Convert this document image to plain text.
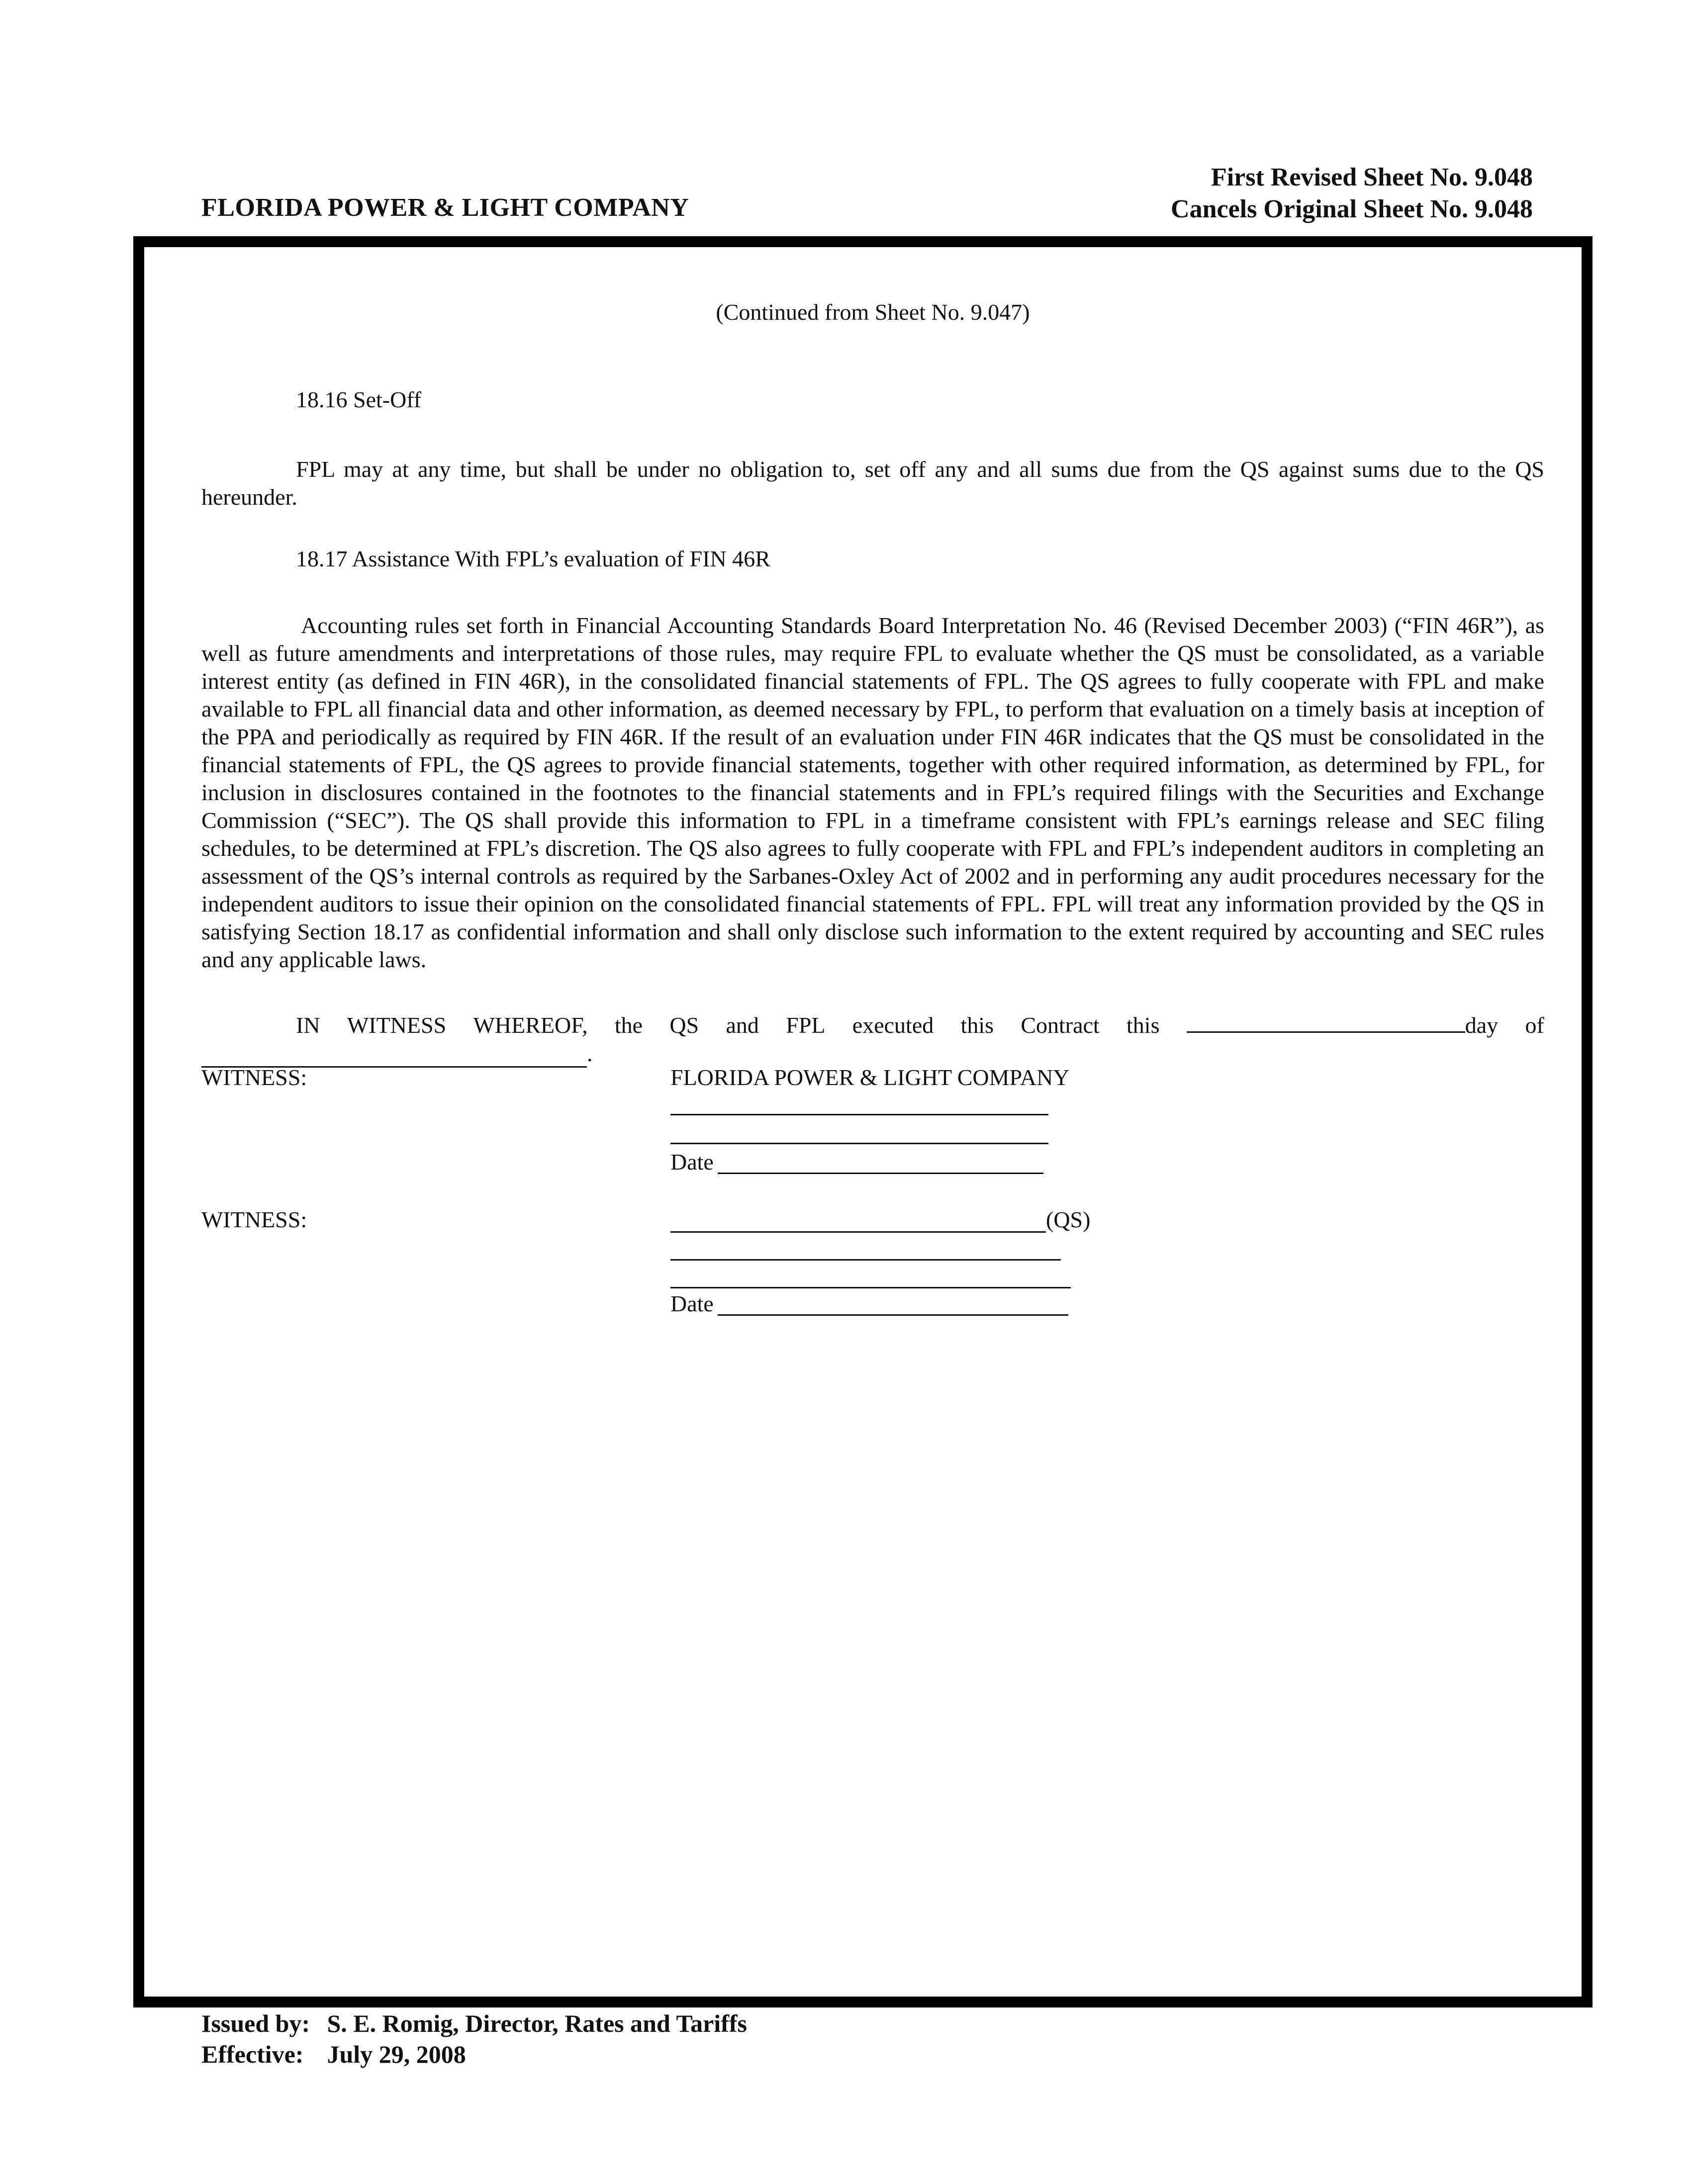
FLORIDA POWER & LIGHT COMPANY
First Revised Sheet No. 9.048
Cancels Original Sheet No. 9.048

(Continued from Sheet No. 9.047)

18.16 Set-Off

FPL may at any time, but shall be under no obligation to, set off any and all sums due from the QS against sums due to the QS hereunder.

18.17 Assistance With FPL’s evaluation of FIN 46R

Accounting rules set forth in Financial Accounting Standards Board Interpretation No. 46 (Revised December 2003) (“FIN 46R”), as well as future amendments and interpretations of those rules, may require FPL to evaluate whether the QS must be consolidated, as a variable interest entity (as defined in FIN 46R), in the consolidated financial statements of FPL. The QS agrees to fully cooperate with FPL and make available to FPL all financial data and other information, as deemed necessary by FPL, to perform that evaluation on a timely basis at inception of the PPA and periodically as required by FIN 46R. If the result of an evaluation under FIN 46R indicates that the QS must be consolidated in the financial statements of FPL, the QS agrees to provide financial statements, together with other required information, as determined by FPL, for inclusion in disclosures contained in the footnotes to the financial statements and in FPL’s required filings with the Securities and Exchange Commission (“SEC”). The QS shall provide this information to FPL in a timeframe consistent with FPL’s earnings release and SEC filing schedules, to be determined at FPL’s discretion. The QS also agrees to fully cooperate with FPL and FPL’s independent auditors in completing an assessment of the QS’s internal controls as required by the Sarbanes-Oxley Act of 2002 and in performing any audit procedures necessary for the independent auditors to issue their opinion on the consolidated financial statements of FPL. FPL will treat any information provided by the QS in satisfying Section 18.17 as confidential information and shall only disclose such information to the extent required by accounting and SEC rules and any applicable laws.

IN WITNESS WHEREOF, the QS and FPL executed this Contract this	day of
.
WITNESS:	FLORIDA POWER & LIGHT COMPANY
Date
WITNESS:	(QS)
Date
Issued by: S. E. Romig, Director, Rates and Tariffs
Effective: July 29, 2008
